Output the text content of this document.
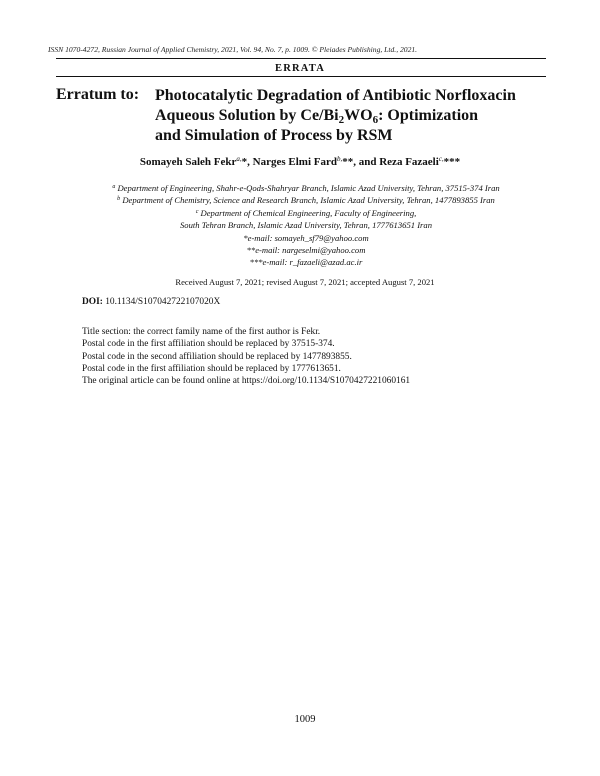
ISSN 1070-4272, Russian Journal of Applied Chemistry, 2021, Vol. 94, No. 7, p. 1009. © Pleiades Publishing, Ltd., 2021.
ERRATA
Erratum to: Photocatalytic Degradation of Antibiotic Norfloxacin
Aqueous Solution by $Ce/Bi_2WO_6$: Optimization
and Simulation of Process by RSM
Somayeh Saleh Fekr$^{a,}$*, Narges Elmi Fard$^{b,}$**, and Reza Fazaeli$^{c,}$***
$^a$ Department of Engineering, Shahr-e-Qods-Shahryar Branch, Islamic Azad University, Tehran, 37515-374 Iran
$^b$ Department of Chemistry, Science and Research Branch, Islamic Azad University, Tehran, 1477893855 Iran
$^c$ Department of Chemical Engineering, Faculty of Engineering,
South Tehran Branch, Islamic Azad University, Tehran, 1777613651 Iran
*e-mail: somayeh_sf79@yahoo.com
**e-mail: nargeselmi@yahoo.com
***e-mail: r_fazaeli@azad.ac.ir
Received August 7, 2021; revised August 7, 2021; accepted August 7, 2021
DOI: 10.1134/S107042722107020X
Title section: the correct family name of the first author is Fekr.
Postal code in the first affiliation should be replaced by 37515-374.
Postal code in the second affiliation should be replaced by 1477893855.
Postal code in the first affiliation should be replaced by 1777613651.
The original article can be found online at https://doi.org/10.1134/S1070427221060161
1009
